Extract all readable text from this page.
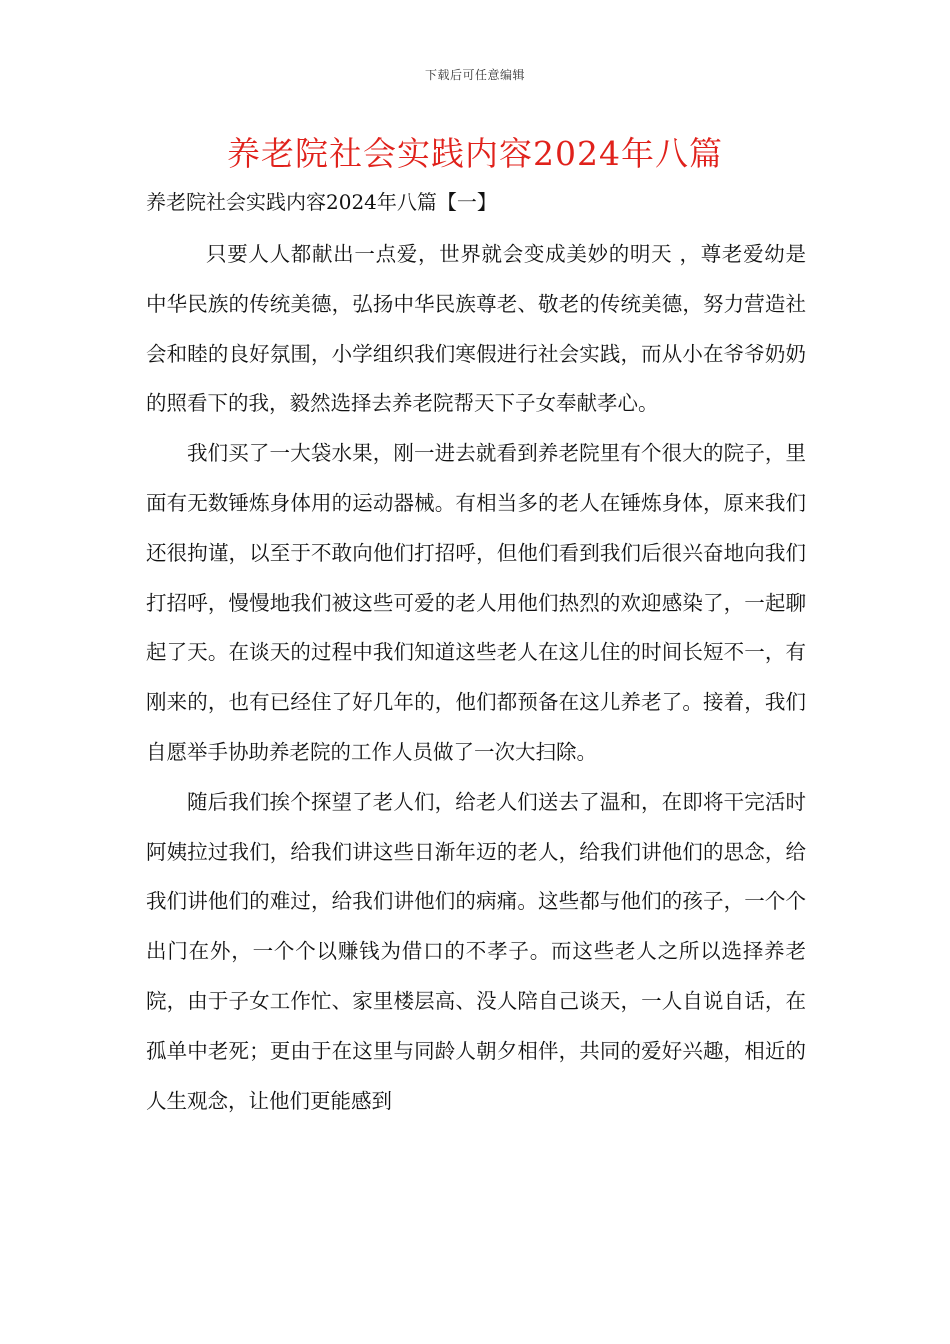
下载后可任意编辑
养老院社会实践内容2024年八篇
养老院社会实践内容2024年八篇【一】

只要人人都献出一点爱，世界就会变成美妙的明天 ，尊老爱幼是中华民族的传统美德，弘扬中华民族尊老、敬老的传统美德，努力营造社会和睦的良好氛围，小学组织我们寒假进行社会实践，而从小在爷爷奶奶的照看下的我，毅然选择去养老院帮天下子女奉献孝心。

我们买了一大袋水果，刚一进去就看到养老院里有个很大的院子，里面有无数锤炼身体用的运动器械。有相当多的老人在锤炼身体，原来我们还很拘谨，以至于不敢向他们打招呼，但他们看到我们后很兴奋地向我们打招呼，慢慢地我们被这些可爱的老人用他们热烈的欢迎感染了，一起聊起了天。在谈天的过程中我们知道这些老人在这儿住的时间长短不一，有刚来的，也有已经住了好几年的，他们都预备在这儿养老了。接着，我们自愿举手协助养老院的工作人员做了一次大扫除。

随后我们挨个探望了老人们，给老人们送去了温和，在即将干完活时阿姨拉过我们，给我们讲这些日渐年迈的老人，给我们讲他们的思念，给我们讲他们的难过，给我们讲他们的病痛。这些都与他们的孩子，一个个出门在外，一个个以赚钱为借口的不孝子。而这些老人之所以选择养老院，由于子女工作忙、家里楼层高、没人陪自己谈天，一人自说自话，在孤单中老死；更由于在这里与同龄人朝夕相伴，共同的爱好兴趣，相近的人生观念，让他们更能感到
